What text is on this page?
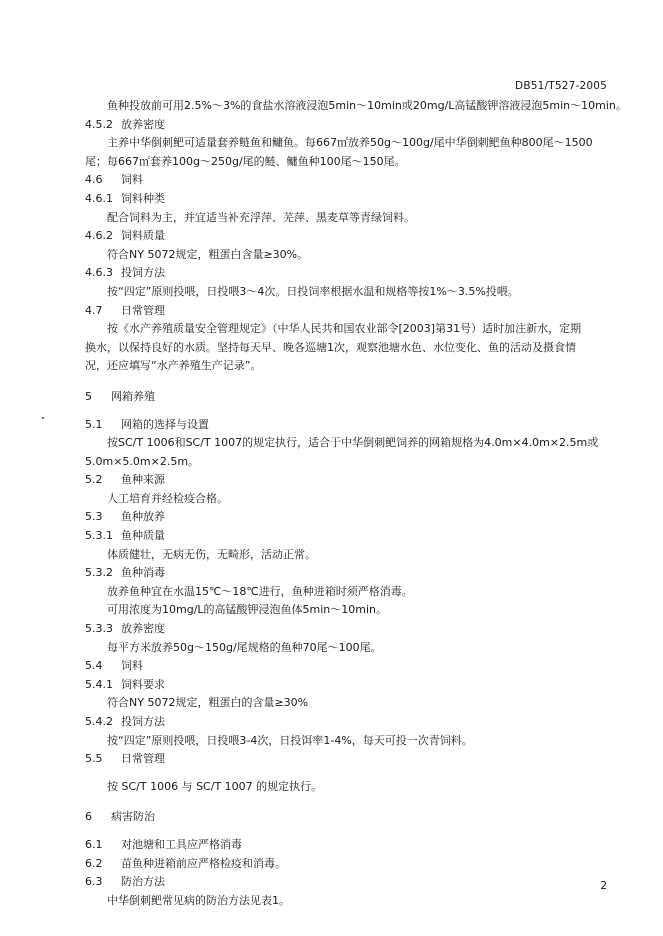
DB51/T527-2005
鱼种投放前可用2.5%～3%的食盐水溶液浸泡5min～10min或20mg/L高锰酸钾溶液浸泡5min～10min。
4.5.2 放养密度
主养中华倒刺鲃可适量套养鲢鱼和鳙鱼。每667㎡放养50g～100g/尾中华倒刺鲃鱼种800尾～1500
尾；每667㎡套养100g～250g/尾的鲢、鳙鱼种100尾～150尾。
4.6 饲料
4.6.1 饲料种类
配合饲料为主，并宜适当补充浮萍、芜萍、黑麦草等青绿饲料。
4.6.2 饲料质量
符合NY 5072规定，粗蛋白含量≥30%。
4.6.3 投饲方法
按“四定”原则投喂，日投喂3～4次。日投饲率根据水温和规格等按1%～3.5%投喂。
4.7 日常管理
按《水产养殖质量安全管理规定》（中华人民共和国农业部令[2003]第31号）适时加注新水，定期
换水，以保持良好的水质。坚持每天早、晚各巡塘1次，观察池塘水色、水位变化、鱼的活动及摄食情
况，还应填写“水产养殖生产记录”。
5 网箱养殖
5.1 网箱的选择与设置
按SC/T 1006和SC/T 1007的规定执行，适合于中华倒刺鲃饲养的网箱规格为4.0m×4.0m×2.5m或
5.0m×5.0m×2.5m。
5.2 鱼种来源
人工培育并经检疫合格。
5.3 鱼种放养
5.3.1 鱼种质量
体质健壮，无病无伤，无畸形，活动正常。
5.3.2 鱼种消毒
放养鱼种宜在水温15℃～18℃进行，鱼种进箱时须严格消毒。
可用浓度为10mg/L的高锰酸钾浸泡鱼体5min～10min。
5.3.3 放养密度
每平方米放养50g～150g/尾规格的鱼种70尾～100尾。
5.4 饲料
5.4.1 饲料要求
符合NY 5072规定，粗蛋白的含量≥30%
5.4.2 投饲方法
按“四定”原则投喂，日投喂3-4次，日投饵率1-4%，每天可投一次青饲料。
5.5 日常管理
按 SC/T 1006 与 SC/T 1007 的规定执行。
6 病害防治
6.1 对池塘和工具应严格消毒
6.2 苗鱼种进箱前应严格检疫和消毒。
6.3 防治方法
中华倒刺鲃常见病的防治方法见表1。
2
